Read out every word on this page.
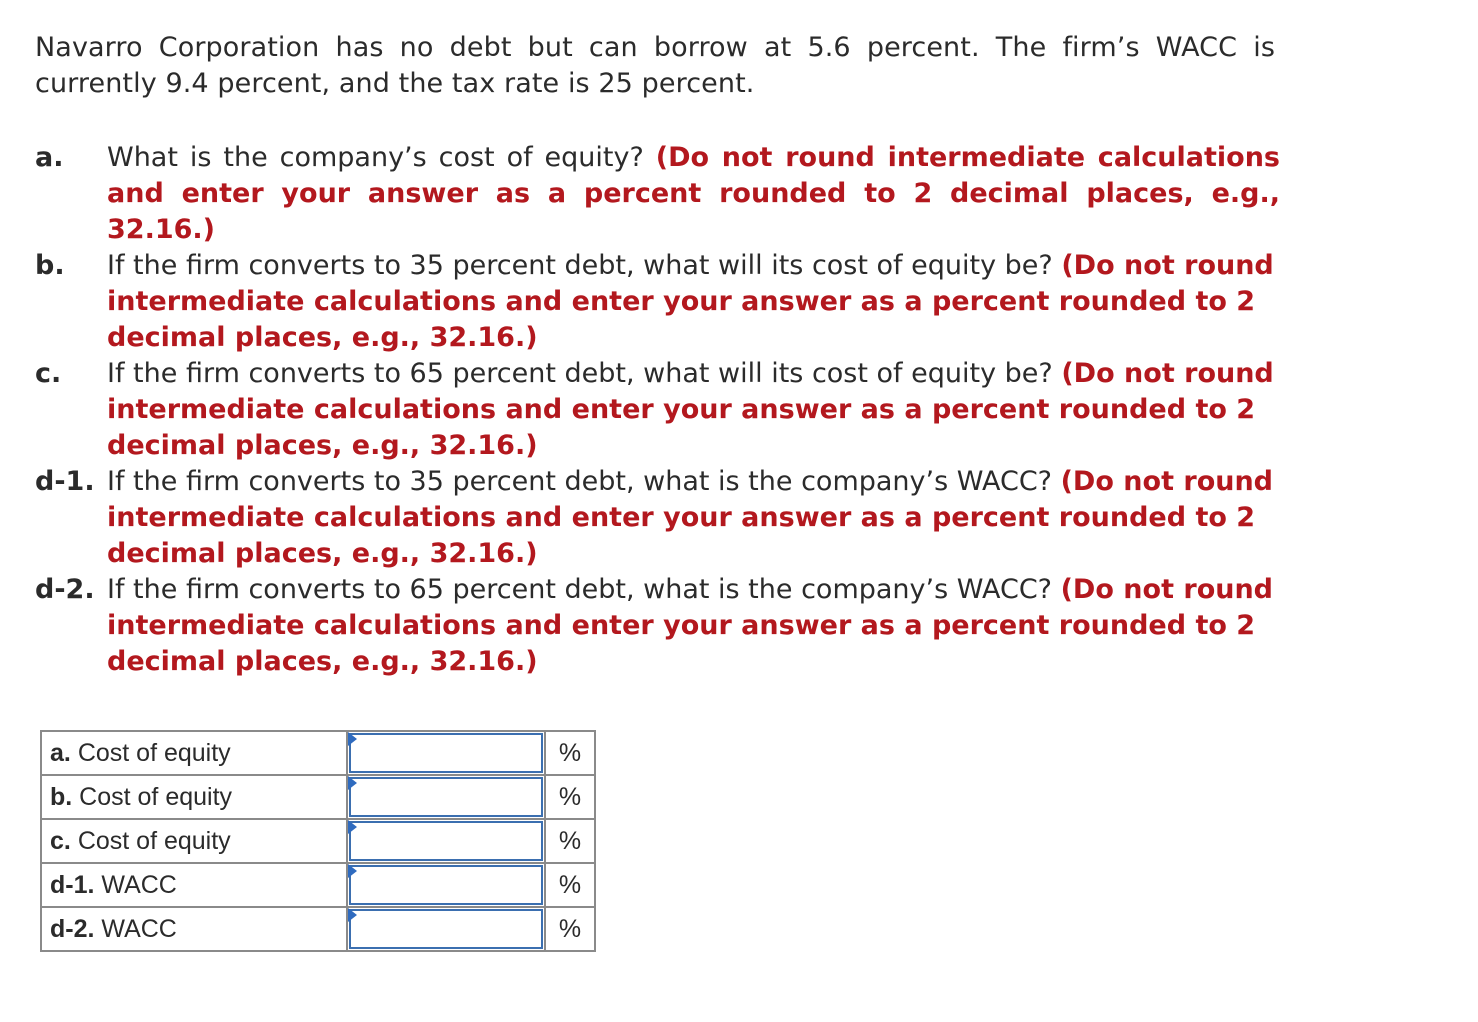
Navarro Corporation has no debt but can borrow at 5.6 percent. The firm’s WACC is currently 9.4 percent, and the tax rate is 25 percent.
a.	What is the company’s cost of equity? (Do not round intermediate calculations and enter your answer as a percent rounded to 2 decimal places, e.g., 32.16.)
b.	If the firm converts to 35 percent debt, what will its cost of equity be? (Do not round intermediate calculations and enter your answer as a percent rounded to 2 decimal places, e.g., 32.16.)
c.	If the firm converts to 65 percent debt, what will its cost of equity be? (Do not round intermediate calculations and enter your answer as a percent rounded to 2 decimal places, e.g., 32.16.)
d-1. If the firm converts to 35 percent debt, what is the company’s WACC? (Do not round intermediate calculations and enter your answer as a percent rounded to 2 decimal places, e.g., 32.16.)
d-2. If the firm converts to 65 percent debt, what is the company’s WACC? (Do not round intermediate calculations and enter your answer as a percent rounded to 2 decimal places, e.g., 32.16.)
a. Cost of equity		%
b. Cost of equity		%
c. Cost of equity		%
d-1. WACC		%
d-2. WACC		%
